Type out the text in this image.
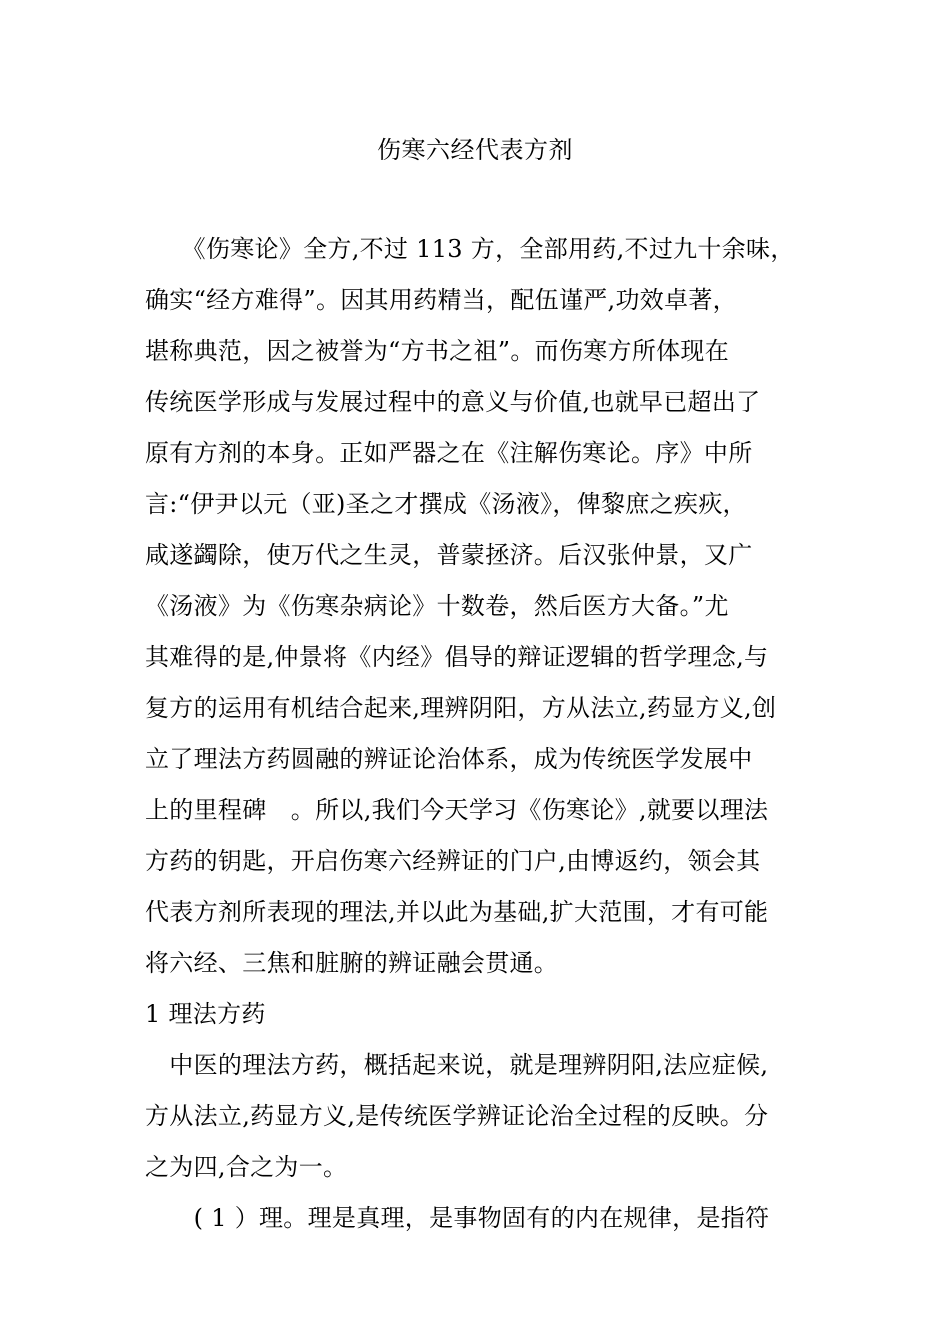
伤寒六经代表方剂
　　《伤寒论》全方,不过 113 方，全部用药,不过九十余味，
确实“经方难得”。因其用药精当，配伍谨严,功效卓著，
堪称典范，因之被誉为“方书之祖”。而伤寒方所体现在
传统医学形成与发展过程中的意义与价值,也就早已超出了
原有方剂的本身。正如严器之在《注解伤寒论。序》中所
言:“伊尹以元（亚)圣之才撰成《汤液》，俾黎庶之疾疢，
咸遂蠲除，使万代之生灵，普蒙拯济。后汉张仲景，又广
《汤液》为《伤寒杂病论》十数卷，然后医方大备。”尤
其难得的是,仲景将《内经》倡导的辩证逻辑的哲学理念,与
复方的运用有机结合起来,理辨阴阳，方从法立,药显方义,创
立了理法方药圆融的辨证论治体系，成为传统医学发展中
上的里程碑　。所以,我们今天学习《伤寒论》,就要以理法
方药的钥匙，开启伤寒六经辨证的门户,由博返约，领会其
代表方剂所表现的理法,并以此为基础,扩大范围，才有可能
将六经、三焦和脏腑的辨证融会贯通。
1 理法方药
　中医的理法方药，概括起来说，就是理辨阴阳,法应症候,
方从法立,药显方义,是传统医学辨证论治全过程的反映。分
之为四,合之为一。
　　( 1 ）理。理是真理，是事物固有的内在规律，是指符
